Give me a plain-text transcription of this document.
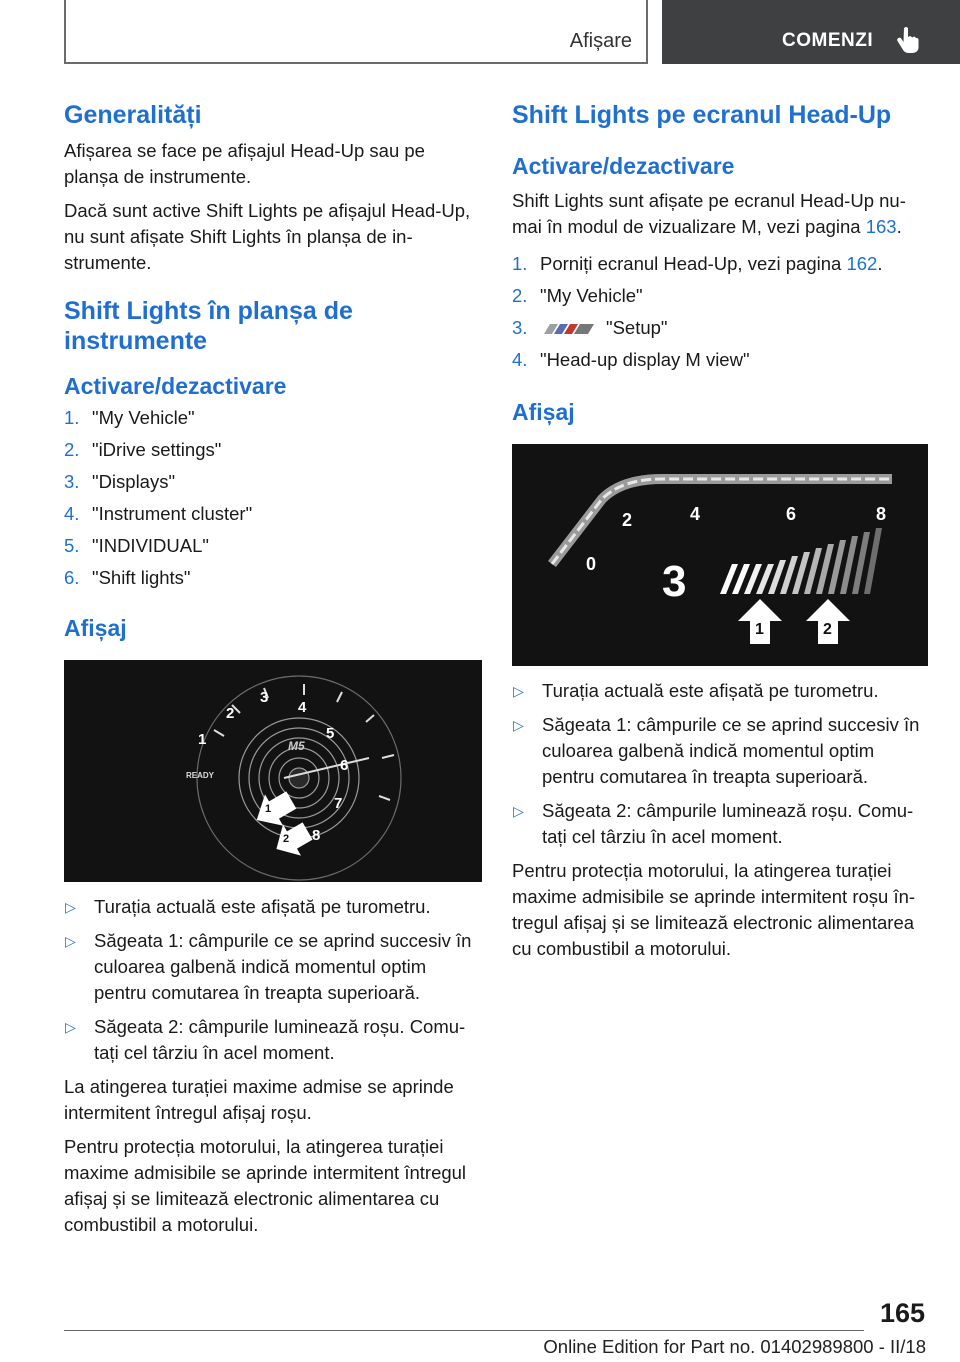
Afișare	COMENZI
Generalități

Afișarea se face pe afișajul Head-Up sau pe planșa de instrumente.

Dacă sunt active Shift Lights pe afișajul Head-Up, nu sunt afișate Shift Lights în planșa de in-strumente.

Shift Lights în planșa de
instrumente
Activare/dezactivare
1. "My Vehicle"
2. "iDrive settings"
3. "Displays"
4. "Instrument cluster"
5. "INDIVIDUAL"
6. "Shift lights"
Afișaj
1
2
3
4
5
6
7
8
READY
M5
1
2
▷ Turația actuală este afișată pe turometru.
▷ Săgeata 1: câmpurile ce se aprind succesiv în culoarea galbenă indică momentul optim pentru comutarea în treapta superioară.
▷ Săgeata 2: câmpurile luminează roșu. Comu-tați cel târziu în acel moment.

La atingerea turației maxime admise se aprinde intermitent întregul afișaj roșu.

Pentru protecția motorului, la atingerea turației maxime admisibile se aprinde intermitent întregul afișaj și se limitează electronic alimentarea cu combustibil a motorului.

Shift Lights pe ecranul Head-Up
Activare/dezactivare

Shift Lights sunt afișate pe ecranul Head-Up nu-mai în modul de vizualizare M, vezi pagina 163.

1. Porniți ecranul Head-Up, vezi pagina 162.
2. "My Vehicle"
3.	"Setup"
4. "Head-up display M view"
Afișaj
0
2	4	6	8
3
1	2
▷ Turația actuală este afișată pe turometru.
▷ Săgeata 1: câmpurile ce se aprind succesiv în culoarea galbenă indică momentul optim pentru comutarea în treapta superioară.
▷ Săgeata 2: câmpurile luminează roșu. Comu-tați cel târziu în acel moment.

Pentru protecția motorului, la atingerea turației maxime admisibile se aprinde intermitent roșu în-tregul afișaj și se limitează electronic alimentarea cu combustibil a motorului.

165
Online Edition for Part no. 01402989800 - II/18
